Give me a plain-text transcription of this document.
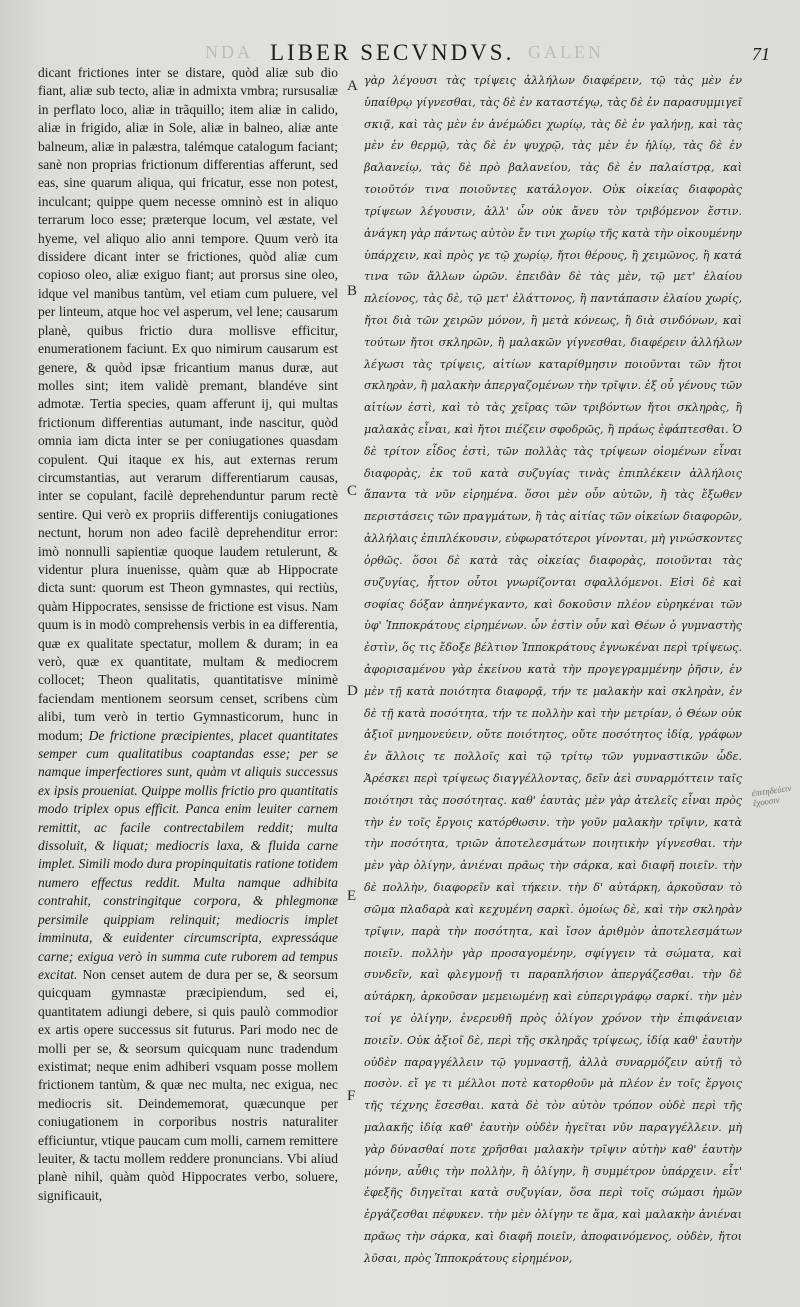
NDA LIBER SECVNDVS. GALEN	71

dicant frictiones inter se distare, quòd aliæ sub dio fiant, aliæ sub tecto, aliæ in admixta vmbra; rursusaliæ in perflato loco, aliæ in trãquillo; item aliæ in calido, aliæ in frigido, aliæ in Sole, aliæ in balneo, aliæ ante balneum, aliæ in palæstra, talémque catalogum faciant; sanè non proprias frictionum differentias afferunt, sed eas, sine quarum aliqua, qui fricatur, esse non potest, inculcant; quippe quem necesse omninò est in aliquo terrarum loco esse; præterque locum, vel æstate, vel hyeme, vel aliquo alio anni tempore. Quum verò ita dissidere dicant inter se frictiones, quòd aliæ cum copioso oleo, aliæ exiguo fiant; aut prorsus sine oleo, idque vel manibus tantùm, vel etiam cum puluere, vel per linteum, atque hoc vel asperum, vel lene; causarum planè, quibus frictio dura mollisve efficitur, enumerationem faciunt. Ex quo nimirum causarum est genere, & quòd ipsæ fricantium manus duræ, aut molles sint; item validè premant, blandéve sint admotæ. Tertia species, quam afferunt ij, qui multas frictionum differentias autumant, inde nascitur, quòd omnia iam dicta inter se per coniugationes quasdam copulent. Qui itaque ex his, aut externas rerum circumstantias, aut verarum differentiarum causas, inter se copulant, facilè deprehenduntur parum rectè sentire. Qui verò ex propriis differentijs coniugationes nectunt, horum non adeo facilè deprehenditur error: imò nonnulli sapientiæ quoque laudem retulerunt, & videntur plura inuenisse, quàm quæ ab Hippocrate dicta sunt: quorum est Theon gymnastes, qui rectiùs, quàm Hippocrates, sensisse de frictione est visus. Nam quum is in modò comprehensis verbis in ea differentia, quæ ex qualitate spectatur, mollem & duram; in ea verò, quæ ex quantitate, multam & mediocrem collocet; Theon qualitatis, quantitatisve minimè faciendam mentionem seorsum censet, scribens cùm alibi, tum verò in tertio Gymnasticorum, hunc in modum; De frictione præcipientes, placet quantitates semper cum qualitatibus coaptandas esse; per se namque imperfectiores sunt, quàm vt aliquis successus ex ipsis proueniat. Quippe mollis frictio pro quantitatis modo triplex opus efficit. Panca enim leuiter carnem remittit, ac facile contrectabilem reddit; multa dissoluit, & liquat; mediocris laxa, & fluida carne implet. Simili modo dura propinquitatis ratione totidem numero effectus reddit. Multa namque adhibita contrahit, constringitque corpora, & phlegmonæ persimile quippiam relinquit; mediocris implet imminuta, & euidenter circumscripta, expressáque carne; exigua verò in summa cute ruborem ad tempus excitat. Non censet autem de dura per se, & seorsum quicquam gymnastæ præcipiendum, sed ei, quantitatem adiungi debere, si quis paulò commodior ex artis opere successus sit futurus. Pari modo nec de molli per se, & seorsum quicquam nunc tradendum existimat; neque enim adhiberi vsquam posse mollem frictionem tantùm, & quæ nec multa, nec exigua, nec mediocris sit. Deindememorat, quæcunque per coniugationem in corporibus nostris naturaliter efficiuntur, vtique paucam cum molli, carnem remittere leuiter, & tactu mollem reddere pronuncians. Vbi aliud planè nihil, quàm quòd Hippocrates verbo, soluere, significauit,

A
B
C
D
E
F

γὰρ λέγουσι τὰς τρίψεις ἀλλήλων διαφέρειν, τῷ τὰς μὲν ἐν ὑπαίθρῳ γίγνεσθαι, τὰς δὲ ἐν καταστέγῳ, τὰς δὲ ἐν παρασυμμιγεῖ σκιᾷ, καὶ τὰς μὲν ἐν ἀνέμώδει χωρίῳ, τὰς δὲ ἐν γαλήνῃ, καὶ τὰς μὲν ἐν θερμῷ, τὰς δὲ ἐν ψυχρῷ, τὰς μὲν ἐν ἡλίῳ, τὰς δὲ ἐν βαλανείῳ, τὰς δὲ πρὸ βαλανείου, τὰς δὲ ἐν παλαίστρᾳ, καὶ τοιοῦτόν τινα ποιοῦντες κατάλογον. Οὐκ οἰκείας διαφορὰς τρίψεων λέγουσιν, ἀλλ' ὧν οὐκ ἄνευ τὸν τριβόμενον ἔστιν. ἀνάγκη γὰρ πάντως αὐτὸν ἔν τινι χωρίῳ τῆς κατὰ τὴν οἰκουμένην ὑπάρχειν, καὶ πρὸς γε τῷ χωρίῳ, ἤτοι θέρους, ἢ χειμῶνος, ἢ κατά τινα τῶν ἄλλων ὡρῶν. ἐπειδὰν δὲ τὰς μὲν, τῷ μετ' ἐλαίου πλείονος, τὰς δὲ, τῷ μετ' ἐλάττονος, ἢ παντάπασιν ἐλαίου χωρίς, ἤτοι διὰ τῶν χειρῶν μόνον, ἢ μετὰ κόνεως, ἢ διὰ σινδόνων, καὶ τούτων ἤτοι σκληρῶν, ἢ μαλακῶν γίγνεσθαι, διαφέρειν ἀλλήλων λέγωσι τὰς τρίψεις, αἰτίων καταρίθμησιν ποιοῦνται τῶν ἤτοι σκληρὰν, ἢ μαλακὴν ἀπεργαζομένων τὴν τρῖψιν. ἐξ οὗ γένους τῶν αἰτίων ἐστὶ, καὶ τὸ τὰς χεῖρας τῶν τριβόντων ἤτοι σκληρὰς, ἢ μαλακὰς εἶναι, καὶ ἤτοι πιέζειν σφοδρῶς, ἢ πράως ἐφάπτεσθαι. Ὁ δὲ τρίτον εἶδος ἐστὶ, τῶν πολλὰς τὰς τρίψεων οἰομένων εἶναι διαφορὰς, ἐκ τοῦ κατὰ συζυγίας τινὰς ἐπιπλέκειν ἀλλήλοις ἅπαντα τὰ νῦν εἰρημένα. ὅσοι μὲν οὖν αὐτῶν, ἢ τὰς ἔξωθεν περιστάσεις τῶν πραγμάτων, ἢ τὰς αἰτίας τῶν οἰκείων διαφορῶν, ἀλλήλαις ἐπιπλέκουσιν, εὐφωρατότεροι γίνονται, μὴ γινώσκοντες ὀρθῶς. ὅσοι δὲ κατὰ τὰς οἰκείας διαφορὰς, ποιοῦνται τὰς συζυγίας, ἧττον οὗτοι γνωρίζονται σφαλλόμενοι. Εἰσὶ δὲ καὶ σοφίας δόξαν ἀπηνέγκαντο, καὶ δοκοῦσιν πλέον εὑρηκέναι τῶν ὑφ' Ἱπποκράτους εἰρημένων. ὧν ἐστὶν οὖν καὶ Θέων ὁ γυμναστὴς ἐστὶν, ὅς τις ἔδοξε βέλτιον Ἱπποκράτους ἐγνωκέναι περὶ τρίψεως. ἀφορισαμένου γὰρ ἐκείνου κατὰ τὴν προγεγραμμένην ῥῆσιν, ἐν μὲν τῇ κατὰ ποιότητα διαφορᾷ, τήν τε μαλακὴν καὶ σκληρὰν, ἐν δὲ τῇ κατὰ ποσότητα, τήν τε πολλὴν καὶ τὴν μετρίαν, ὁ Θέων οὐκ ἀξιοῖ μνημονεύειν, οὔτε ποιότητος, οὔτε ποσότητος ἰδίᾳ, γράφων ἐν ἄλλοις τε πολλοῖς καὶ τῷ τρίτῳ τῶν γυμναστικῶν ὧδε. Ἀρέσκει περὶ τρίψεως διαγγέλλοντας, δεῖν ἀεὶ συναρμόττειν ταῖς ποιότησι τὰς ποσότητας. καθ' ἑαυτὰς μὲν γὰρ ἀτελεῖς εἶναι πρὸς τὴν ἐν τοῖς ἔργοις κατόρθωσιν. τὴν γοῦν μαλακὴν τρῖψιν, κατὰ τὴν ποσότητα, τριῶν ἀποτελεσμάτων ποιητικὴν γίγνεσθαι. τὴν μὲν γὰρ ὀλίγην, ἀνιέναι πρᾶως τὴν σάρκα, καὶ διαφῆ ποιεῖν. τὴν δὲ πολλὴν, διαφορεῖν καὶ τήκειν. τὴν δ' αὐτάρκη, ἀρκοῦσαν τὸ σῶμα πλαδαρὰ καὶ κεχυμένη σαρκὶ. ὁμοίως δὲ, καὶ τὴν σκληρὰν τρῖψιν, παρὰ τὴν ποσότητα, καὶ ἴσον ἀριθμὸν ἀποτελεσμάτων ποιεῖν. πολλὴν γὰρ προσαγομένην, σφίγγειν τὰ σώματα, καὶ συνδεῖν, καὶ φλεγμονῇ τι παραπλήσιον ἀπεργάζεσθαι. τὴν δὲ αὐτάρκη, ἀρκοῦσαν μεμειωμένῃ καὶ εὐπεριγράφῳ σαρκί. τὴν μὲν τοί γε ὀλίγην, ἐνερευθῆ πρὸς ὀλίγον χρόνον τὴν ἐπιφάνειαν ποιεῖν. Οὐκ ἀξιοῖ δὲ, περὶ τῆς σκληρᾶς τρίψεως, ἰδίᾳ καθ' ἑαυτὴν οὐδὲν παραγγέλλειν τῷ γυμναστῇ, ἀλλὰ συναρμόζειν αὐτῇ τὸ ποσὸν. εἴ γε τι μέλλοι ποτὲ κατορθοῦν μὰ πλέον ἐν τοῖς ἔργοις τῆς τέχνης ἔσεσθαι. κατὰ δὲ τὸν αὐτὸν τρόπον οὐδὲ περὶ τῆς μαλακῆς ἰδίᾳ καθ' ἑαυτὴν οὐδὲν ἡγεῖται νῦν παραγγέλλειν. μὴ γὰρ δύνασθαί ποτε χρῆσθαι μαλακὴν τρῖψιν αὐτὴν καθ' ἑαυτὴν μόνην, αὖθις τὴν πολλὴν, ἢ ὀλίγην, ἢ συμμέτρον ὑπάρχειν. εἶτ' ἐφεξῆς διηγεῖται κατὰ συζυγίαν, ὅσα περὶ τοῖς σώμασι ἡμῶν ἐργάζεσθαι πέφυκεν. τὴν μὲν ὀλίγην τε ἅμα, καὶ μαλακὴν ἀνιέναι πρᾶως τὴν σάρκα, καὶ διαφῆ ποιεῖν, ἀποφαινόμενος, οὐδὲν, ἤτοι λῦσαι, πρὸς Ἱπποκράτους εἰρημένον,

ἐπιτηδεύειν ἔχουσιν
